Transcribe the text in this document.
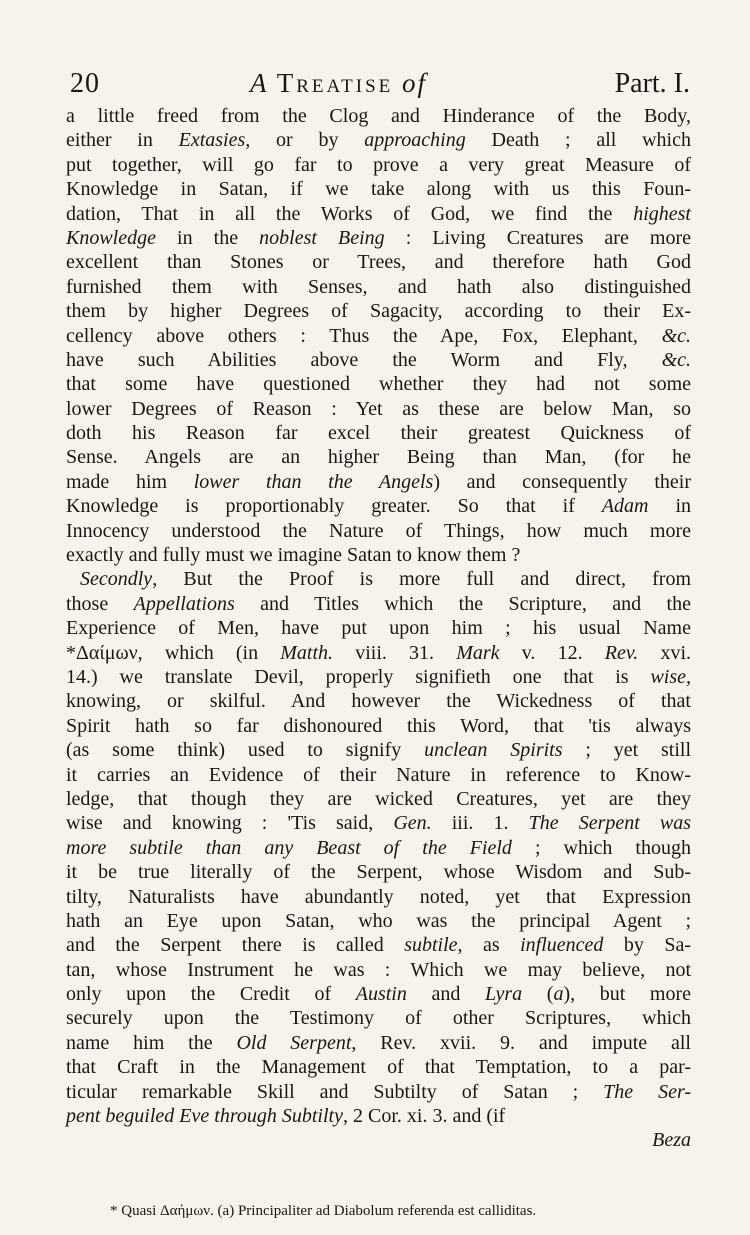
20	A Treatise of	Part. I.
a little freed from the Clog and Hinderance of the Body,
either in Extasies, or by approaching Death ; all which
put together, will go far to prove a very great Measure of
Knowledge in Satan, if we take along with us this Foun-
dation, That in all the Works of God, we find the highest
Knowledge in the noblest Being : Living Creatures are more
excellent than Stones or Trees, and therefore hath God
furnished them with Senses, and hath also distinguished
them by higher Degrees of Sagacity, according to their Ex-
cellency above others : Thus the Ape, Fox, Elephant, &c.
have such Abilities above the Worm and Fly, &c.
that some have questioned whether they had not some
lower Degrees of Reason : Yet as these are below Man, so
doth his Reason far excel their greatest Quickness of
Sense. Angels are an higher Being than Man, (for he
made him lower than the Angels) and consequently their
Knowledge is proportionably greater. So that if Adam in
Innocency understood the Nature of Things, how much more
exactly and fully must we imagine Satan to know them ?
Secondly, But the Proof is more full and direct, from
those Appellations and Titles which the Scripture, and the
Experience of Men, have put upon him ; his usual Name
*Δαίμων, which (in Matth. viii. 31. Mark v. 12. Rev. xvi.
14.) we translate Devil, properly signifieth one that is wise,
knowing, or skilful. And however the Wickedness of that
Spirit hath so far dishonoured this Word, that 'tis always
(as some think) used to signify unclean Spirits ; yet still
it carries an Evidence of their Nature in reference to Know-
ledge, that though they are wicked Creatures, yet are they
wise and knowing : 'Tis said, Gen. iii. 1. The Serpent was
more subtile than any Beast of the Field ; which though
it be true literally of the Serpent, whose Wisdom and Sub-
tilty, Naturalists have abundantly noted, yet that Expression
hath an Eye upon Satan, who was the principal Agent ;
and the Serpent there is called subtile, as influenced by Sa-
tan, whose Instrument he was : Which we may believe, not
only upon the Credit of Austin and Lyra (a), but more
securely upon the Testimony of other Scriptures, which
name him the Old Serpent, Rev. xvii. 9. and impute all
that Craft in the Management of that Temptation, to a par-
ticular remarkable Skill and Subtilty of Satan ; The Ser-
pent beguiled Eve through Subtilty, 2 Cor. xi. 3. and (if
Beza
* Quasi Δαήμων. (a) Principaliter ad Diabolum referenda est calliditas.
